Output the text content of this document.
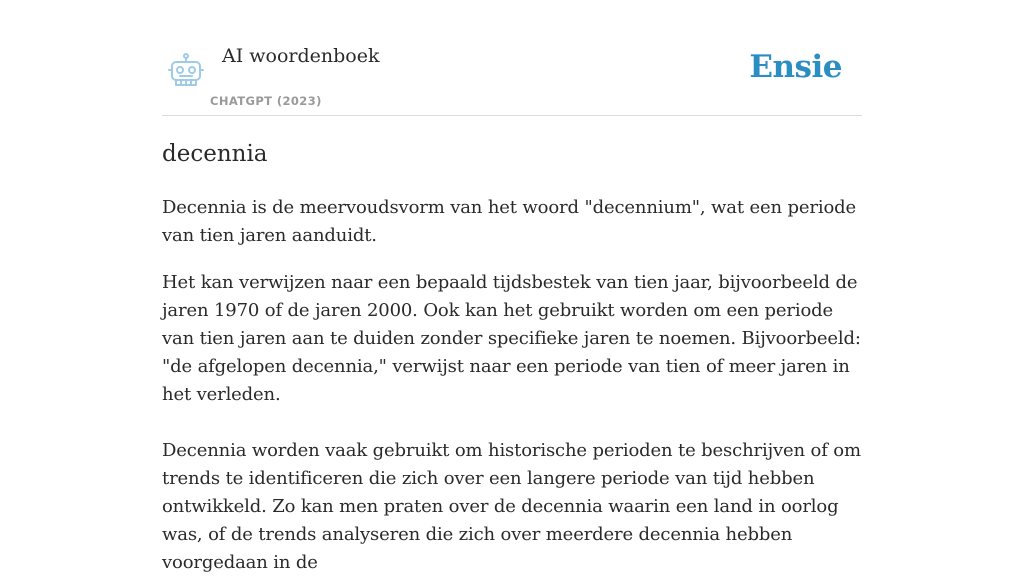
AI woordenboek
CHATGPT (2023)
Ensie
decennia

Decennia is de meervoudsvorm van het woord "decennium", wat een periode van tien jaren aanduidt.

Het kan verwijzen naar een bepaald tijdsbestek van tien jaar, bijvoorbeeld de jaren 1970 of de jaren 2000. Ook kan het gebruikt worden om een periode van tien jaren aan te duiden zonder specifieke jaren te noemen. Bijvoorbeeld: "de afgelopen decennia," verwijst naar een periode van tien of meer jaren in het verleden.

Decennia worden vaak gebruikt om historische perioden te beschrijven of om trends te identificeren die zich over een langere periode van tijd hebben ontwikkeld. Zo kan men praten over de decennia waarin een land in oorlog was, of de trends analyseren die zich over meerdere decennia hebben voorgedaan in de
